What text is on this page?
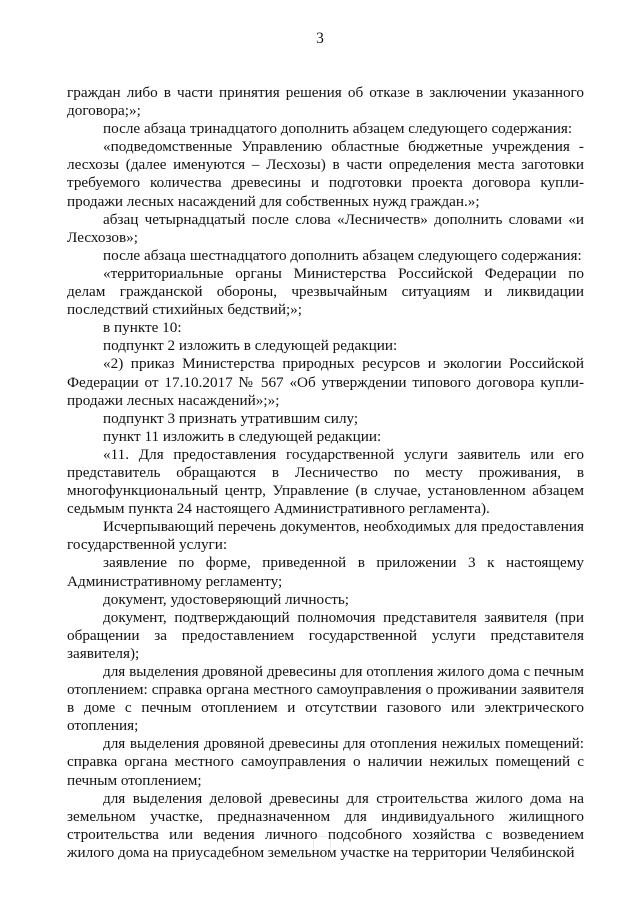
3

граждан либо в части принятия решения об отказе в заключении указанного договора;»;

после абзаца тринадцатого дополнить абзацем следующего содержания:

«подведомственные Управлению областные бюджетные учреждения - лесхозы (далее именуются – Лесхозы) в части определения места заготовки требуемого количества древесины и подготовки проекта договора купли-продажи лесных насаждений для собственных нужд граждан.»;

абзац четырнадцатый после слова «Лесничеств» дополнить словами «и Лесхозов»;

после абзаца шестнадцатого дополнить абзацем следующего содержания:

«территориальные органы Министерства Российской Федерации по делам гражданской обороны, чрезвычайным ситуациям и ликвидации последствий стихийных бедствий;»;

в пункте 10:

подпункт 2 изложить в следующей редакции:

«2) приказ Министерства природных ресурсов и экологии Российской Федерации от 17.10.2017 № 567 «Об утверждении типового договора купли-продажи лесных насаждений»;»;

подпункт 3 признать утратившим силу;

пункт 11 изложить в следующей редакции:

«11. Для предоставления государственной услуги заявитель или его представитель обращаются в Лесничество по месту проживания, в многофункциональный центр, Управление (в случае, установленном абзацем седьмым пункта 24 настоящего Административного регламента).

Исчерпывающий перечень документов, необходимых для предоставления государственной услуги:

заявление по форме, приведенной в приложении 3 к настоящему Административному регламенту;

документ, удостоверяющий личность;

документ, подтверждающий полномочия представителя заявителя (при обращении за предоставлением государственной услуги представителя заявителя);

для выделения дровяной древесины для отопления жилого дома с печным отоплением: справка органа местного самоуправления о проживании заявителя в доме с печным отоплением и отсутствии газового или электрического отопления;

для выделения дровяной древесины для отопления нежилых помещений: справка органа местного самоуправления о наличии нежилых помещений с печным отоплением;

для выделения деловой древесины для строительства жилого дома на земельном участке, предназначенном для индивидуального жилищного строительства или ведения личного подсобного хозяйства с возведением жилого дома на приусадебном земельном участке на территории Челябинской
